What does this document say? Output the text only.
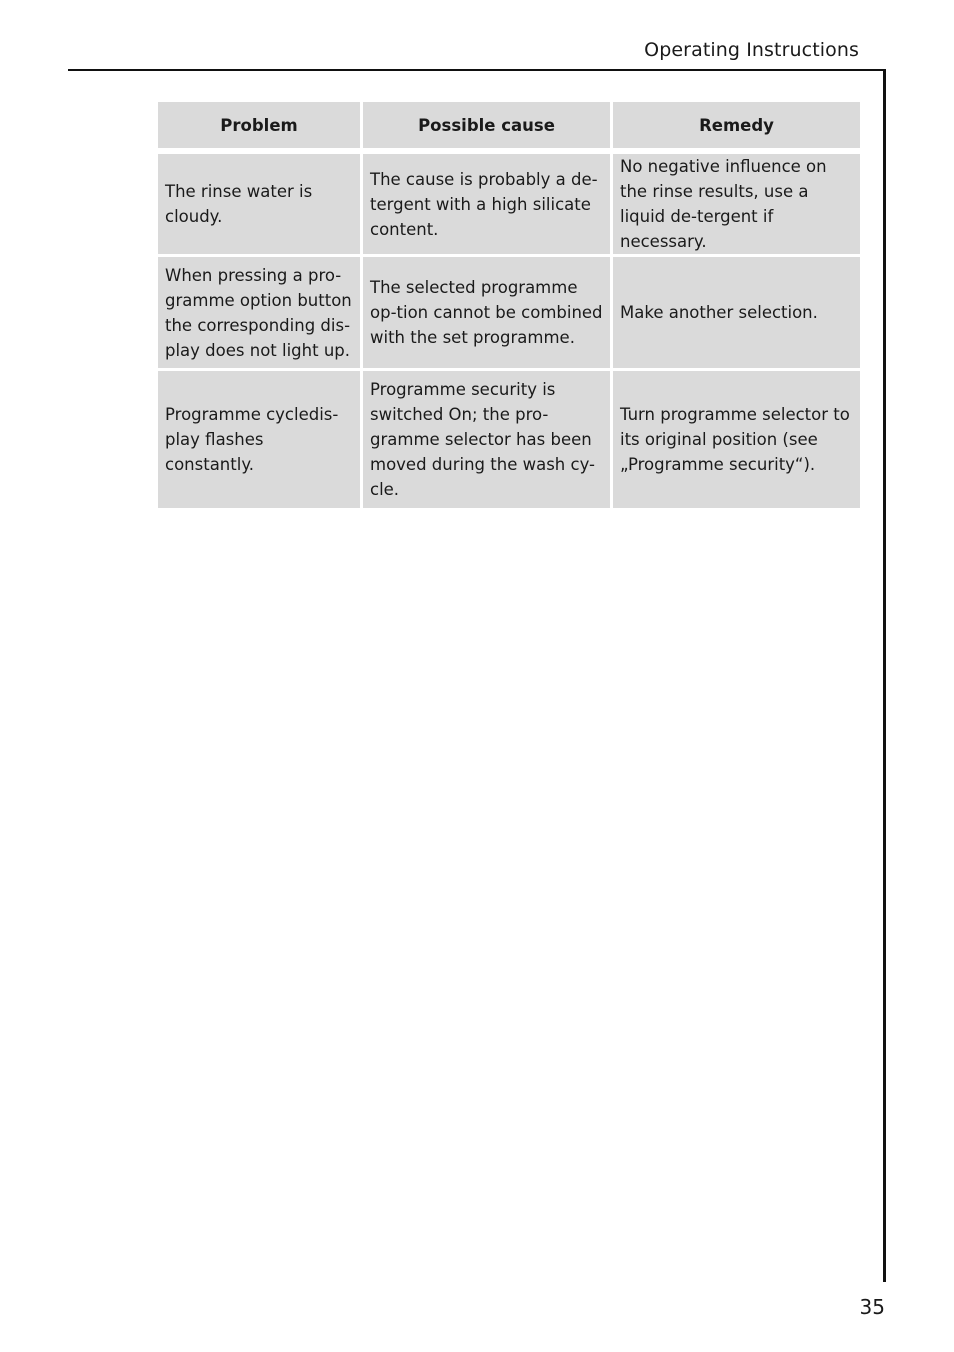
Operating Instructions
Problem	Possible cause	Remedy

The rinse water is cloudy.	The cause is probably a de-tergent with a high silicate content.	No negative influence on the rinse results, use a liquid de-tergent if necessary.
When pressing a pro-gramme option button the corresponding dis-play does not light up.	The selected programme op-tion cannot be combined with the set programme.	Make another selection.
Programme cycledis-play flashes constantly.	Programme security is switched On; the pro-gramme selector has been moved during the wash cy-cle.	Turn programme selector to its original position (see „Programme security“).
35
